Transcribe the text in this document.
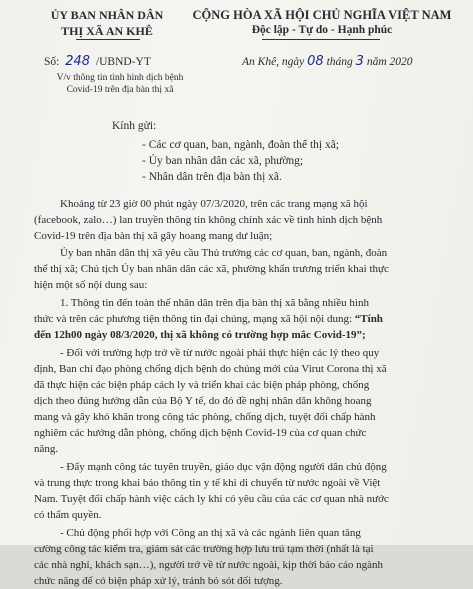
ỦY BAN NHÂN DÂN
THỊ XÃ AN KHÊ
CỘNG HÒA XÃ HỘI CHỦ NGHĨA VIỆT NAM
Độc lập - Tự do - Hạnh phúc
Số: 248 /UBND-YT	An Khê, ngày 08 tháng 3 năm 2020
V/v thông tin tình hình dịch bệnh
Covid-19 trên địa bàn thị xã
Kính gửi:
- Các cơ quan, ban, ngành, đoàn thể thị xã;
- Ủy ban nhân dân các xã, phường;
- Nhân dân trên địa bàn thị xã.
Khoảng từ 23 giờ 00 phút ngày 07/3/2020, trên các trang mạng xã hội
(facebook, zalo…) lan truyền thông tin không chính xác về tình hình dịch bệnh
Covid-19 trên địa bàn thị xã gây hoang mang dư luận;
Ủy ban nhân dân thị xã yêu cầu Thủ trưởng các cơ quan, ban, ngành, đoàn
thể thị xã; Chủ tịch Ủy ban nhân dân các xã, phường khẩn trương triển khai thực
hiện một số nội dung sau:
1. Thông tin đến toàn thể nhân dân trên địa bàn thị xã bằng nhiều hình
thức và trên các phương tiện thông tin đại chúng, mạng xã hội nội dung: “Tính
đến 12h00 ngày 08/3/2020, thị xã không có trường hợp mắc Covid-19”;
- Đối với trường hợp trở về từ nước ngoài phải thực hiện các lý theo quy
định, Ban chỉ đạo phòng chống dịch bệnh do chủng mới của Virut Corona thị xã
đã thực hiện các biện pháp cách ly và triển khai các biện pháp phòng, chống
dịch theo đúng hướng dẫn của Bộ Y tế, do đó đề nghị nhân dân không hoang
mang và gây khó khăn trong công tác phòng, chống dịch, tuyệt đối chấp hành
nghiêm các hướng dẫn phòng, chống dịch bệnh Covid-19 của cơ quan chức
năng.
- Đẩy mạnh công tác tuyên truyền, giáo dục vận động người dân chủ động
và trung thực trong khai báo thông tin y tế khi di chuyển từ nước ngoài về Việt
Nam. Tuyệt đối chấp hành việc cách ly khi có yêu cầu của các cơ quan nhà nước
có thẩm quyền.
- Chủ động phối hợp với Công an thị xã và các ngành liên quan tăng
cường công tác kiểm tra, giám sát các trường hợp lưu trú tạm thời (nhất là tại
các nhà nghỉ, khách sạn…), người trở về từ nước ngoài, kịp thời báo cáo ngành
chức năng để có biện pháp xử lý, tránh bỏ sót đối tượng.
